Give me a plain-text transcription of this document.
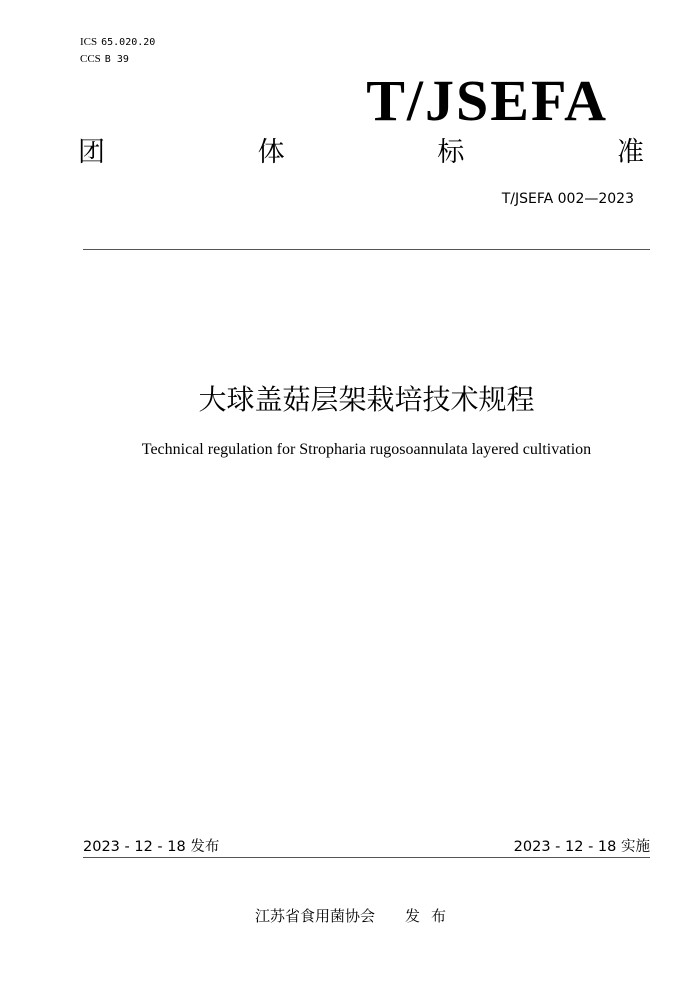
ICS 65.020.20
CCS B 39
T/JSEFA
团	体	标	准
T/JSEFA 002—2023
大球盖菇层架栽培技术规程
Technical regulation for Stropharia rugosoannulata layered cultivation
2023 - 12 - 18 发布	2023 - 12 - 18 实施
江苏省食用菌协会 发布
